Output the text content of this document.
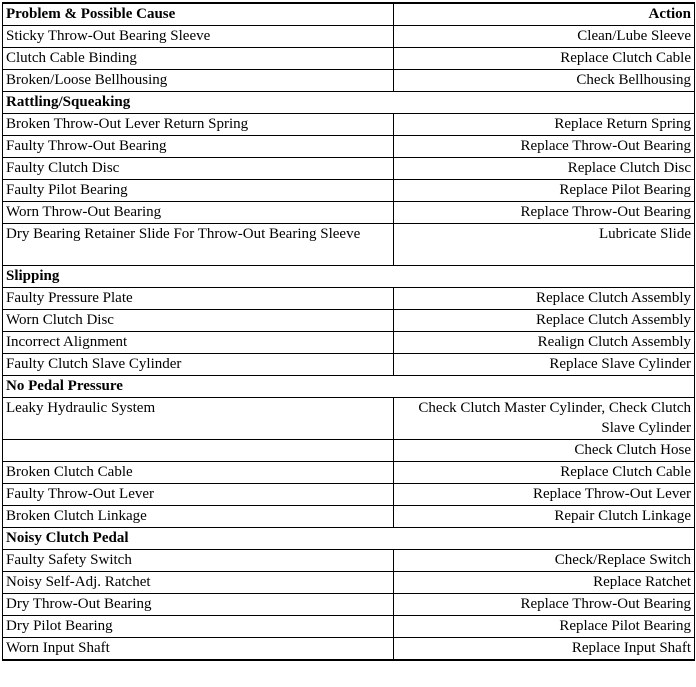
Problem & Possible Cause	Action
Sticky Throw-Out Bearing Sleeve	Clean/Lube Sleeve
Clutch Cable Binding	Replace Clutch Cable
Broken/Loose Bellhousing	Check Bellhousing
Rattling/Squeaking	
Broken Throw-Out Lever Return Spring	Replace Return Spring
Faulty Throw-Out Bearing	Replace Throw-Out Bearing
Faulty Clutch Disc	Replace Clutch Disc
Faulty Pilot Bearing	Replace Pilot Bearing
Worn Throw-Out Bearing	Replace Throw-Out Bearing
Dry Bearing Retainer Slide For Throw-Out Bearing Sleeve	Lubricate Slide
Slipping	
Faulty Pressure Plate	Replace Clutch Assembly
Worn Clutch Disc	Replace Clutch Assembly
Incorrect Alignment	Realign Clutch Assembly
Faulty Clutch Slave Cylinder	Replace Slave Cylinder
No Pedal Pressure	
Leaky Hydraulic System	Check Clutch Master Cylinder, Check Clutch Slave Cylinder
	Check Clutch Hose
Broken Clutch Cable	Replace Clutch Cable
Faulty Throw-Out Lever	Replace Throw-Out Lever
Broken Clutch Linkage	Repair Clutch Linkage
Noisy Clutch Pedal	
Faulty Safety Switch	Check/Replace Switch
Noisy Self-Adj. Ratchet	Replace Ratchet
Dry Throw-Out Bearing	Replace Throw-Out Bearing
Dry Pilot Bearing	Replace Pilot Bearing
Worn Input Shaft	Replace Input Shaft
